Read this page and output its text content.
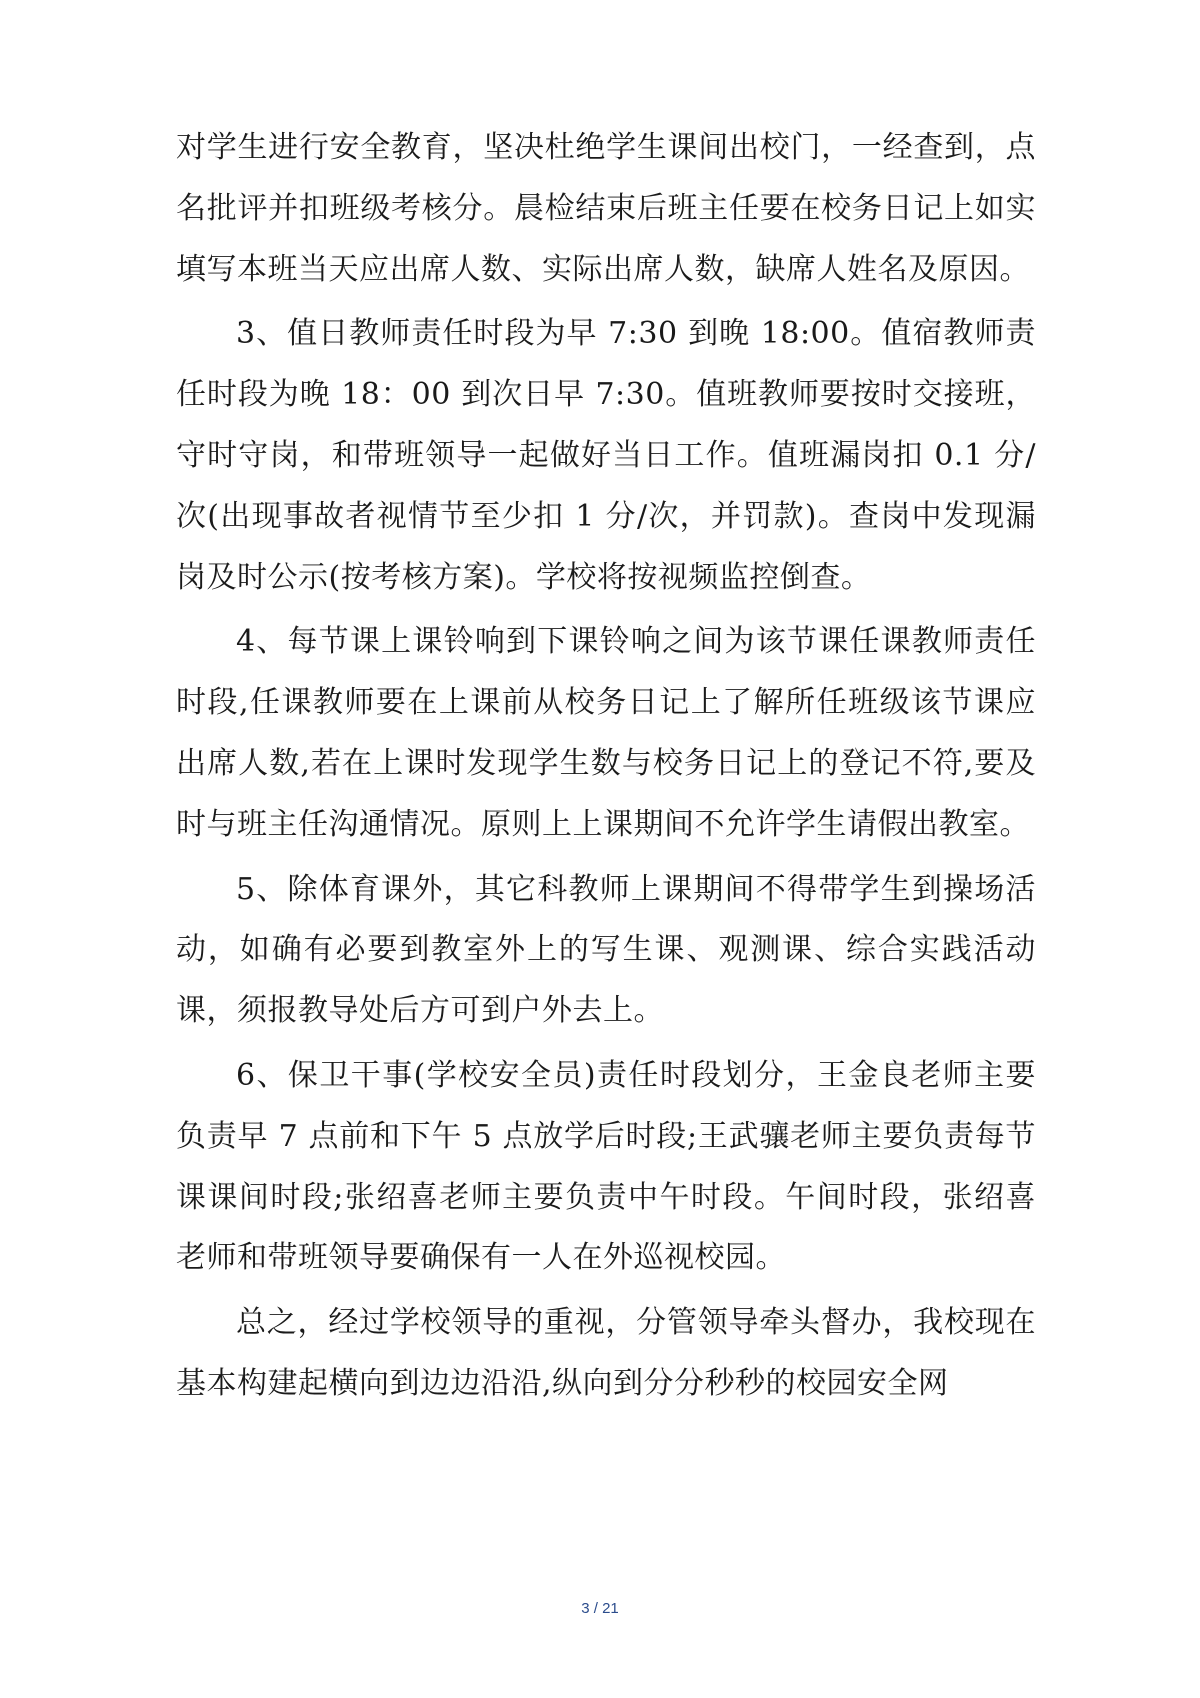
对学生进行安全教育，坚决杜绝学生课间出校门，一经查到，点名批评并扣班级考核分。晨检结束后班主任要在校务日记上如实填写本班当天应出席人数、实际出席人数，缺席人姓名及原因。

3、值日教师责任时段为早 7:30 到晚 18:00。值宿教师责任时段为晚 18：00 到次日早 7:30。值班教师要按时交接班，守时守岗，和带班领导一起做好当日工作。值班漏岗扣 0.1 分/次(出现事故者视情节至少扣 1 分/次，并罚款)。查岗中发现漏岗及时公示(按考核方案)。学校将按视频监控倒查。

4、每节课上课铃响到下课铃响之间为该节课任课教师责任时段,任课教师要在上课前从校务日记上了解所任班级该节课应出席人数,若在上课时发现学生数与校务日记上的登记不符,要及时与班主任沟通情况。原则上上课期间不允许学生请假出教室。

5、除体育课外，其它科教师上课期间不得带学生到操场活动，如确有必要到教室外上的写生课、观测课、综合实践活动课，须报教导处后方可到户外去上。

6、保卫干事(学校安全员)责任时段划分，王金良老师主要负责早 7 点前和下午 5 点放学后时段;王武骧老师主要负责每节课课间时段;张绍喜老师主要负责中午时段。午间时段，张绍喜老师和带班领导要确保有一人在外巡视校园。

总之，经过学校领导的重视，分管领导牵头督办，我校现在基本构建起横向到边边沿沿,纵向到分分秒秒的校园安全网

3 / 21
